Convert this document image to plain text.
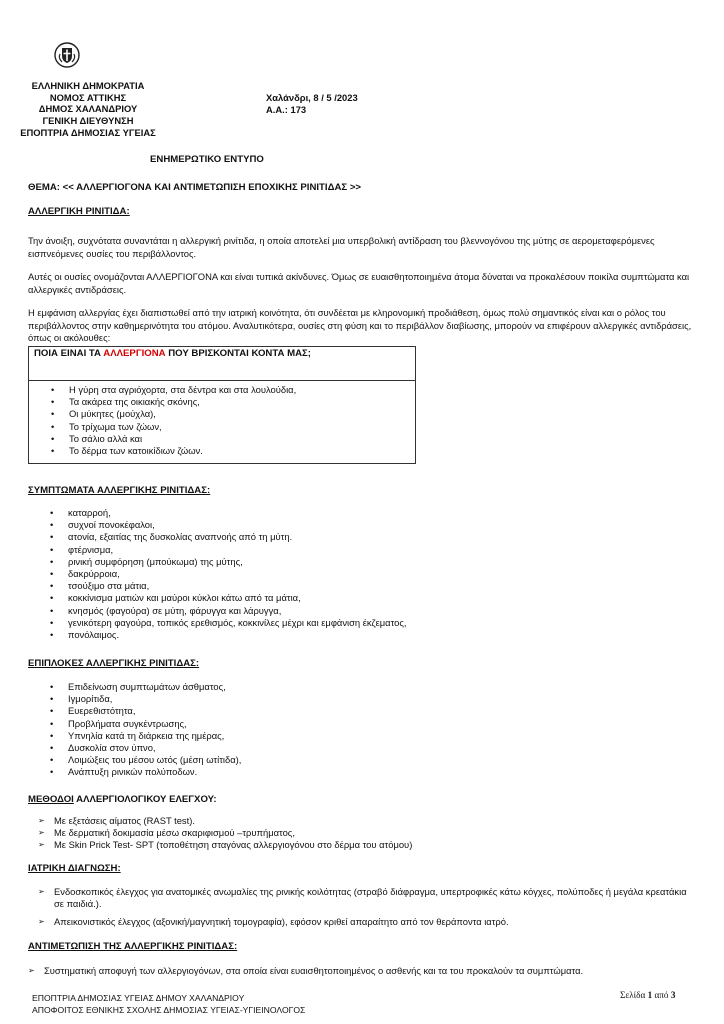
ΕΛΛΗΝΙΚΗ ΔΗΜΟΚΡΑΤΙΑ
ΝΟΜΟΣ ΑΤΤΙΚΗΣ
ΔΗΜΟΣ ΧΑΛΑΝΔΡΙΟΥ
ΓΕΝΙΚΗ ΔΙΕΥΘΥΝΣΗ
ΕΠΟΠΤΡΙΑ ΔΗΜΟΣΙΑΣ ΥΓΕΙΑΣ
Χαλάνδρι, 8 / 5 /2023
Α.Α.: 173
ΕΝΗΜΕΡΩΤΙΚΟ ΕΝΤΥΠΟ
ΘΕΜΑ: << ΑΛΛΕΡΓΙΟΓΟΝΑ ΚΑΙ ΑΝΤΙΜΕΤΩΠΙΣΗ ΕΠΟΧΙΚΗΣ ΡΙΝΙΤΙΔΑΣ >>
ΑΛΛΕΡΓΙΚΗ ΡΙΝΙΤΙΔΑ:

Την άνοιξη, συχνότατα συναντάται η αλλεργική ρινίτιδα, η οποία αποτελεί μια υπερβολική αντίδραση του βλεννογόνου της μύτης σε αερομεταφερόμενες εισπνεόμενες ουσίες του περιβάλλοντος.

Αυτές οι ουσίες ονομάζονται ΑΛΛΕΡΓΙΟΓΟΝΑ και είναι τυπικά ακίνδυνες. Όμως σε ευαισθητοποιημένα άτομα δύναται να προκαλέσουν ποικίλα συμπτώματα και αλλεργικές αντιδράσεις.

Η εμφάνιση αλλεργίας έχει διαπιστωθεί από την ιατρική κοινότητα, ότι συνδέεται με κληρονομική προδιάθεση, όμως πολύ σημαντικός είναι και ο ρόλος του περιβάλλοντος στην καθημερινότητα του ατόμου. Αναλυτικότερα, ουσίες στη φύση και το περιβάλλον διαβίωσης, μπορούν να επιφέρουν αλλεργικές αντιδράσεις, όπως οι ακόλουθες:

ΠΟΙΑ ΕΙΝΑΙ ΤΑ ΑΛΛΕΡΓΙΟΝΑ ΠΟΥ ΒΡΙΣΚΟΝΤΑΙ ΚΟΝΤΑ ΜΑΣ;
• Η γύρη στα αγριόχορτα, στα δέντρα και στα λουλούδια,
• Τα ακάρεα της οικιακής σκόνης,
• Οι μύκητες (μούχλα),
• Το τρίχωμα των ζώων,
• Το σάλιο αλλά και
• Το δέρμα των κατοικίδιων ζώων.
ΣΥΜΠΤΩΜΑΤΑ ΑΛΛΕΡΓΙΚΗΣ ΡΙΝΙΤΙΔΑΣ:
• καταρροή,
• συχνοί πονοκέφαλοι,
• ατονία, εξαιτίας της δυσκολίας αναπνοής από τη μύτη.
• φτέρνισμα,
• ρινική συμφόρηση (μπούκωμα) της μύτης,
• δακρύρροια,
• τσούξιμο στα μάτια,
• κοκκίνισμα ματιών και μαύροι κύκλοι κάτω από τα μάτια,
• κνησμός (φαγούρα) σε μύτη, φάρυγγα και λάρυγγα,
• γενικότερη φαγούρα, τοπικός ερεθισμός, κοκκινίλες μέχρι και εμφάνιση έκζεματος,
• πονόλαιμος.
ΕΠΙΠΛΟΚΕΣ ΑΛΛΕΡΓΙΚΗΣ ΡΙΝΙΤΙΔΑΣ:
• Επιδείνωση συμπτωμάτων άσθματος,
• Ιγμορίτιδα,
• Ευερεθιστότητα,
• Προβλήματα συγκέντρωσης,
• Υπνηλία κατά τη διάρκεια της ημέρας,
• Δυσκολία στον ύπνο,
• Λοιμώξεις του μέσου ωτός (μέση ωτίτιδα),
• Ανάπτυξη ρινικών πολύποδων.
ΜΕΘΟΔΟΙ ΑΛΛΕΡΓΙΟΛΟΓΙΚΟΥ ΕΛΕΓΧΟΥ:
➢ Με εξετάσεις αίματος (RAST test).
➢ Με δερματική δοκιμασία μέσω σκαριφισμού –τρυπήματος,
➢ Με Skin Prick Test- SPT (τοποθέτηση σταγόνας αλλεργιογόνου στο δέρμα του ατόμου)
ΙΑΤΡΙΚΗ ΔΙΑΓΝΩΣΗ:
➢ Ενδοσκοπικός έλεγχος για ανατομικές ανωμαλίες της ρινικής κοιλότητας (στραβό διάφραγμα, υπερτροφικές κάτω κόγχες, πολύποδες ή μεγάλα κρεατάκια σε παιδιά.).
➢ Απεικονιστικός έλεγχος (αξονική/μαγνητική τομογραφία), εφόσον κριθεί απαραίτητο από τον θεράποντα ιατρό.
ΑΝΤΙΜΕΤΩΠΙΣΗ ΤΗΣ ΑΛΛΕΡΓΙΚΗΣ ΡΙΝΙΤΙΔΑΣ:
➢ Συστηματική αποφυγή των αλλεργιογόνων, στα οποία είναι ευαισθητοποιημένος ο ασθενής και τα του προκαλούν τα συμπτώματα.
Σελίδα 1 από 3
ΕΠΟΠΤΡΙΑ ΔΗΜΟΣΙΑΣ ΥΓΕΙΑΣ ΔΗΜΟΥ ΧΑΛΑΝΔΡΙΟΥ
ΑΠΟΦΟΙΤΟΣ ΕΘΝΙΚΗΣ ΣΧΟΛΗΣ ΔΗΜΟΣΙΑΣ ΥΓΕΙΑΣ-ΥΓΙΕΙΝΟΛΟΓΟΣ
